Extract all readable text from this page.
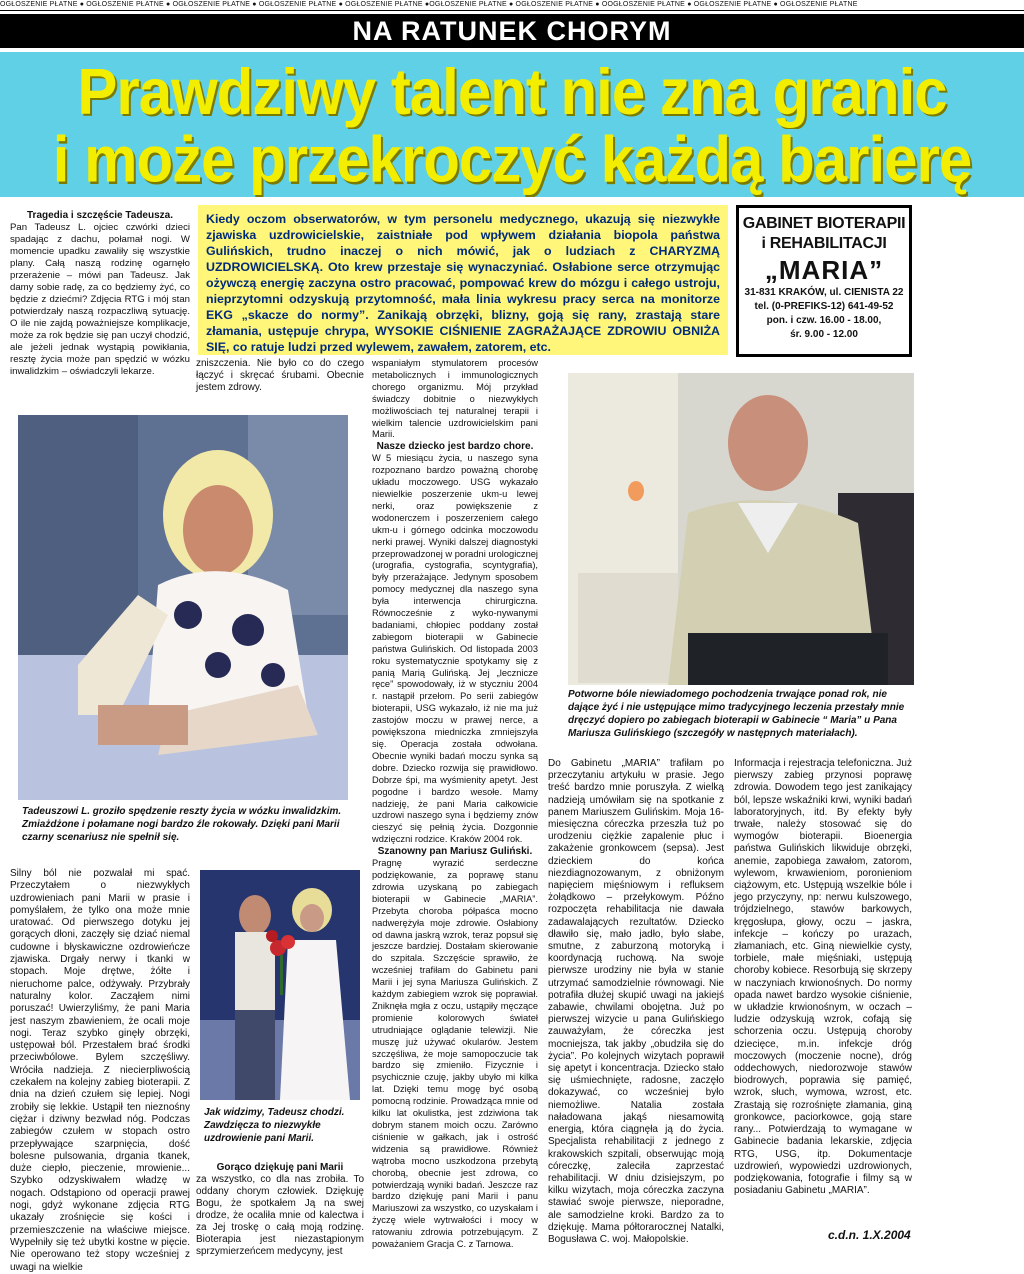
OGŁOSZENIE PŁATNE ● OGŁOSZENIE PŁATNE ● OGŁOSZENIE PŁATNE ● OGŁOSZENIE PŁATNE ● OGŁOSZENIE PŁATNE ●OGŁOSZENIE PŁATNE ● OGŁOSZENIE PŁATNE ● OOGŁOSZENIE PŁATNE ● OGŁOSZENIE PŁATNE ● OGŁOSZENIE PŁATNE
NA RATUNEK CHORYM
Prawdziwy talent nie zna granic
i może przekroczyć każdą barierę
Tragedia i szczęście Tadeusza.

Pan Tadeusz L. ojciec czwórki dzieci spadając z dachu, połamał nogi. W momencie upadku zawaliły się wszystkie plany. Całą naszą rodzinę ogarnęło przerażenie – mówi pan Tadeusz. Jak damy sobie radę, za co będziemy żyć, co będzie z dziećmi? Zdjęcia RTG i mój stan potwierdzały naszą rozpaczliwą sytuację. O ile nie zajdą poważniejsze komplikacje, może za rok będzie się pan uczył chodzić, ale jeżeli jednak wystąpią powikłania, resztę życia może pan spędzić w wózku inwalidzkim – oświadczyli lekarze.

Kiedy oczom obserwatorów, w tym personelu medycznego, ukazują się niezwykłe zjawiska uzdrowicielskie, zaistniałe pod wpływem działania biopola państwa Gulińskich, trudno inaczej o nich mówić, jak o ludziach z CHARYZMĄ UZDROWICIELSKĄ. Oto krew przestaje się wynaczyniać. Osłabione serce otrzymując ożywczą energię zaczyna ostro pracować, pompować krew do mózgu i całego ustroju, nieprzytomni odzyskują przytomność, mała linia wykresu pracy serca na monitorze EKG „skacze do normy”. Zanikają obrzęki, blizny, goją się rany, zrastają stare złamania, ustępuje chrypa, WYSOKIE CIŚNIENIE ZAGRAŻAJĄCE ZDROWIU OBNIŻA SIĘ, co ratuje ludzi przed wylewem, zawałem, zatorem, etc.
GABINET BIOTERAPII
i REHABILITACJI
„MARIA”
31-831 KRAKÓW, ul. CIENISTA 22
tel. (0-PREFIKS-12) 641-49-52
pon. i czw. 16.00 - 18.00,
śr. 9.00 - 12.00
Tadeuszowi L. groziło spędzenie reszty życia w wózku inwalidzkim. Zmiażdżone i połamane nogi bardzo źle rokowały. Dzięki pani Marii czarny scenariusz nie spełnił się.
zniszczenia. Nie było co do czego łączyć i skręcać śrubami. Obecnie jestem zdrowy.

wspaniałym stymulatorem procesów metabolicznych i immunologicznych chorego organizmu. Mój przykład świadczy dobitnie o niezwykłych możliwościach tej naturalnej terapii i wielkim talencie uzdrowicielskim pani Marii.

Nasze dziecko jest bardzo chore.

W 5 miesiącu życia, u naszego syna rozpoznano bardzo poważną chorobę układu moczowego. USG wykazało niewielkie poszerzenie ukm-u lewej nerki, oraz powiększenie z wodonerczem i poszerzeniem całego ukm-u i górnego odcinka moczowodu nerki prawej. Wyniki dalszej diagnostyki przeprowadzonej w poradni urologicznej (urografia, cystografia, scyntygrafia), były przerażające. Jedynym sposobem pomocy medycznej dla naszego syna była interwencja chirurgiczna. Równocześnie z wyko-nywanymi badaniami, chłopiec poddany został zabiegom bioterapii w Gabinecie państwa Gulińskich. Od listopada 2003 roku systematycznie spotykamy się z panią Marią Gulińską. Jej „lecznicze ręce” spowodowały, iż w styczniu 2004 r. nastąpił przełom. Po serii zabiegów bioterapii, USG wykazało, iż nie ma już zastojów moczu w prawej nerce, a powiększona miedniczka zmniejszyła się. Operacja została odwołana. Obecnie wyniki badań moczu synka są dobre. Dziecko rozwija się prawidłowo. Dobrze śpi, ma wyśmienity apetyt. Jest pogodne i bardzo wesołe. Mamy nadzieję, że pani Maria całkowicie uzdrowi naszego syna i będziemy znów cieszyć się pełnią życia. Dozgonnie wdzięczni rodzice. Kraków 2004 rok.

Szanowny pan Mariusz Guliński.

Pragnę wyrazić serdeczne podziękowanie, za poprawę stanu zdrowia uzyskaną po zabiegach bioterapii w Gabinecie „MARIA”. Przebyta choroba półpaśca mocno nadwerężyła moje zdrowie. Osłabiony od dawna jaskrą wzrok, teraz popsuł się jeszcze bardziej. Dostałam skierowanie do szpitala. Szczęście sprawiło, że wcześniej trafiłam do Gabinetu pani Marii i jej syna Mariusza Gulińskich. Z każdym zabiegiem wzrok się poprawiał. Zniknęła mgła z oczu, ustąpiły męczące promienie kolorowych świateł utrudniające oglądanie telewizji. Nie muszę już używać okularów. Jestem szczęśliwa, że moje samopoczucie tak bardzo się zmieniło. Fizycznie i psychicznie czuję, jakby ubyło mi kilka lat. Dzięki temu mogę być osobą pomocną rodzinie. Prowadząca mnie od kilku lat okulistka, jest zdziwiona tak dobrym stanem moich oczu. Zarówno ciśnienie w gałkach, jak i ostrość widzenia są prawidłowe. Również wątroba mocno uszkodzona przebytą chorobą, obecnie jest zdrowa, co potwierdzają wyniki badań. Jeszcze raz bardzo dziękuję pani Marii i panu Mariuszowi za wszystko, co uzyskałam i życzę wiele wytrwałości i mocy w ratowaniu zdrowia potrzebującym. Z poważaniem Gracja C. z Tarnowa.

Potworne bóle niewiadomego pochodzenia trwające ponad rok, nie dające żyć i nie ustępujące mimo tradycyjnego leczenia przestały mnie dręczyć dopiero po zabiegach bioterapii w Gabinecie “ Maria” u Pana Mariusza Gulińskiego (szczegóły w następnych materiałach).
Silny ból nie pozwalał mi spać. Przeczytałem o niezwykłych uzdrowieniach pani Marii w prasie i pomyślałem, że tylko ona może mnie uratować. Od pierwszego dotyku jej gorących dłoni, zaczęły się dziać niemal cudowne i błyskawiczne ozdrowieńcze zjawiska. Drgały nerwy i tkanki w stopach. Moje drętwe, żółte i nieruchome palce, odżywały. Przybrały naturalny kolor. Zacząłem nimi poruszać! Uwierzyliśmy, że pani Maria jest naszym zbawieniem, że ocali moje nogi. Teraz szybko ginęły obrzęki, ustępował ból. Przestałem brać środki przeciwbólowe. Bylem szczęśliwy. Wróciła nadzieja. Z niecierpliwością czekałem na kolejny zabieg bioterapii. Z dnia na dzień czułem się lepiej. Nogi zrobiły się lekkie. Ustąpił ten nieznośny ciężar i dziwny bezwład nóg. Podczas zabiegów czułem w stopach ostro przepływające szarpnięcia, dość bolesne pulsowania, drgania tkanek, duże ciepło, pieczenie, mrowienie... Szybko odzyskiwałem władzę w nogach. Odstąpiono od operacji prawej nogi, gdyż wykonane zdjęcia RTG ukazały zrośnięcie się kości i przemieszczenie na właściwe miejsce. Wypełniły się też ubytki kostne w pięcie. Nie operowano też stopy wcześniej z uwagi na wielkie
Jak widzimy, Tadeusz chodzi. Zawdzięcza to niezwykłe uzdrowienie pani Marii.
Gorąco dziękuję pani Marii

za wszystko, co dla nas zrobiła. To oddany chorym człowiek. Dziękuję Bogu, że spotkałem Ją na swej drodze, że ocaliła mnie od kalectwa i za Jej troskę o całą moją rodzinę. Bioterapia jest niezastąpionym sprzymierzeńcem medycyny, jest

Do Gabinetu „MARIA” trafiłam po przeczytaniu artykułu w prasie. Jego treść bardzo mnie poruszyła. Z wielką nadzieją umówiłam się na spotkanie z panem Mariuszem Gulińskim. Moja 16-miesięczna córeczka przeszła tuż po urodzeniu ciężkie zapalenie płuc i zakażenie gronkowcem (sepsa). Jest dzieckiem do końca niezdiagnozowanym, z obniżonym napięciem mięśniowym i refluksem żołądkowo – przełykowym. Późno rozpoczęta rehabilitacja nie dawała zadawalających rezultatów. Dziecko dławiło się, mało jadło, było słabe, smutne, z zaburzoną motoryką i koordynacją ruchową. Na swoje pierwsze urodziny nie była w stanie utrzymać samodzielnie równowagi. Nie potrafiła dłużej skupić uwagi na jakiejś zabawie, chwilami obojętna. Już po pierwszej wizycie u pana Gulińskiego zauważyłam, że córeczka jest mocniejsza, tak jakby „obudziła się do życia”. Po kolejnych wizytach poprawił się apetyt i koncentracja. Dziecko stało się uśmiechnięte, radosne, zaczęło dokazywać, co wcześniej było niemożliwe. Natalia została naładowana jakąś niesamowitą energią, która ciągnęła ją do życia. Specjalista rehabilitacji z jednego z krakowskich szpitali, obserwując moją córeczkę, zaleciła zaprzestać rehabilitacji. W dniu dzisiejszym, po kilku wizytach, moja córeczka zaczyna stawiać swoje pierwsze, nieporadne, ale samodzielne kroki. Bardzo za to dziękuję. Mama półtorarocznej Natalki, Bogusława C. woj. Małopolskie.
Informacja i rejestracja telefoniczna. Już pierwszy zabieg przynosi poprawę zdrowia. Dowodem tego jest zanikający ból, lepsze wskaźniki krwi, wyniki badań laboratoryjnych, itd. By efekty były trwałe, należy stosować się do wymogów bioterapii. Bioenergia państwa Gulińskich likwiduje obrzęki, anemie, zapobiega zawałom, zatorom, wylewom, krwawieniom, poronieniom ciążowym, etc. Ustępują wszelkie bóle i jego przyczyny, np: nerwu kulszowego, trójdzielnego, stawów barkowych, kręgosłupa, głowy, oczu – jaskra, infekcje – kończy po urazach, złamaniach, etc. Giną niewielkie cysty, torbiele, małe mięśniaki, ustępują choroby kobiece. Resorbują się skrzepy w naczyniach krwionośnych. Do normy opada nawet bardzo wysokie ciśnienie, w układzie krwionośnym, w oczach – ludzie odzyskują wzrok, cofają się schorzenia oczu. Ustępują choroby dziecięce, m.in. infekcje dróg moczowych (moczenie nocne), dróg oddechowych, niedorozwoje stawów biodrowych, poprawia się pamięć, wzrok, słuch, wymowa, wzrost, etc. Zrastają się rozrośnięte złamania, giną gronkowce, paciorkowce, goją stare rany... Potwierdzają to wymagane w Gabinecie badania lekarskie, zdjęcia RTG, USG, itp. Dokumentacje uzdrowień, wypowiedzi uzdrowionych, podziękowania, fotografie i filmy są w posiadaniu Gabinetu „MARIA”.
c.d.n. 1.X.2004
